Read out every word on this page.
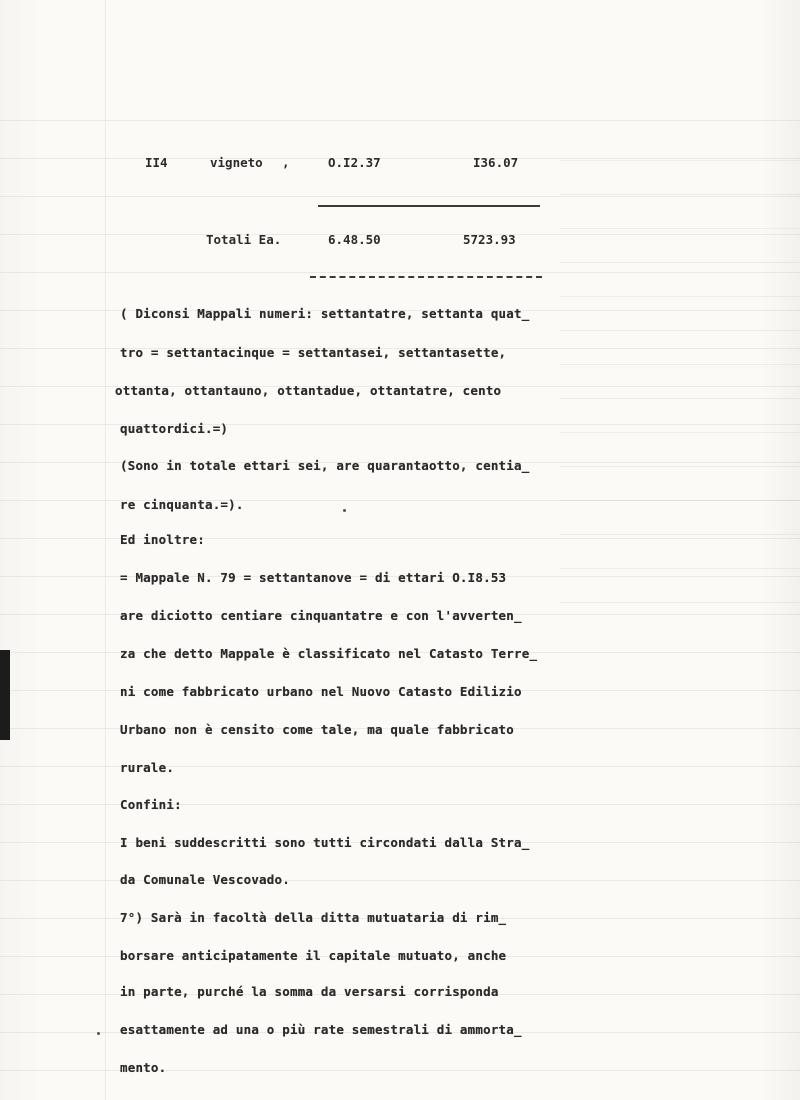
II4	vigneto ,	O.I2.37	I36.07
Totali Ea.	6.48.50	5723.93
( Diconsi Mappali numeri: settantatre, settanta quat_
tro = settantacinque = settantasei, settantasette,
ottanta, ottantauno, ottantadue, ottantatre, cento
quattordici.=)
(Sono in totale ettari sei, are quarantaotto, centia_
re cinquanta.=).
Ed inoltre:
= Mappale N. 79 = settantanove = di ettari O.I8.53
are diciotto centiare cinquantatre e con l'avverten_
za che detto Mappale è classificato nel Catasto Terre_
ni come fabbricato urbano nel Nuovo Catasto Edilizio
Urbano non è censito come tale, ma quale fabbricato
rurale.
Confini:
I beni suddescritti sono tutti circondati dalla Stra_
da Comunale Vescovado.
7°) Sarà in facoltà della ditta mutuataria di rim_
borsare anticipatamente il capitale mutuato, anche
in parte, purché la somma da versarsi corrisponda
esattamente ad una o più rate semestrali di ammorta_
mento.
